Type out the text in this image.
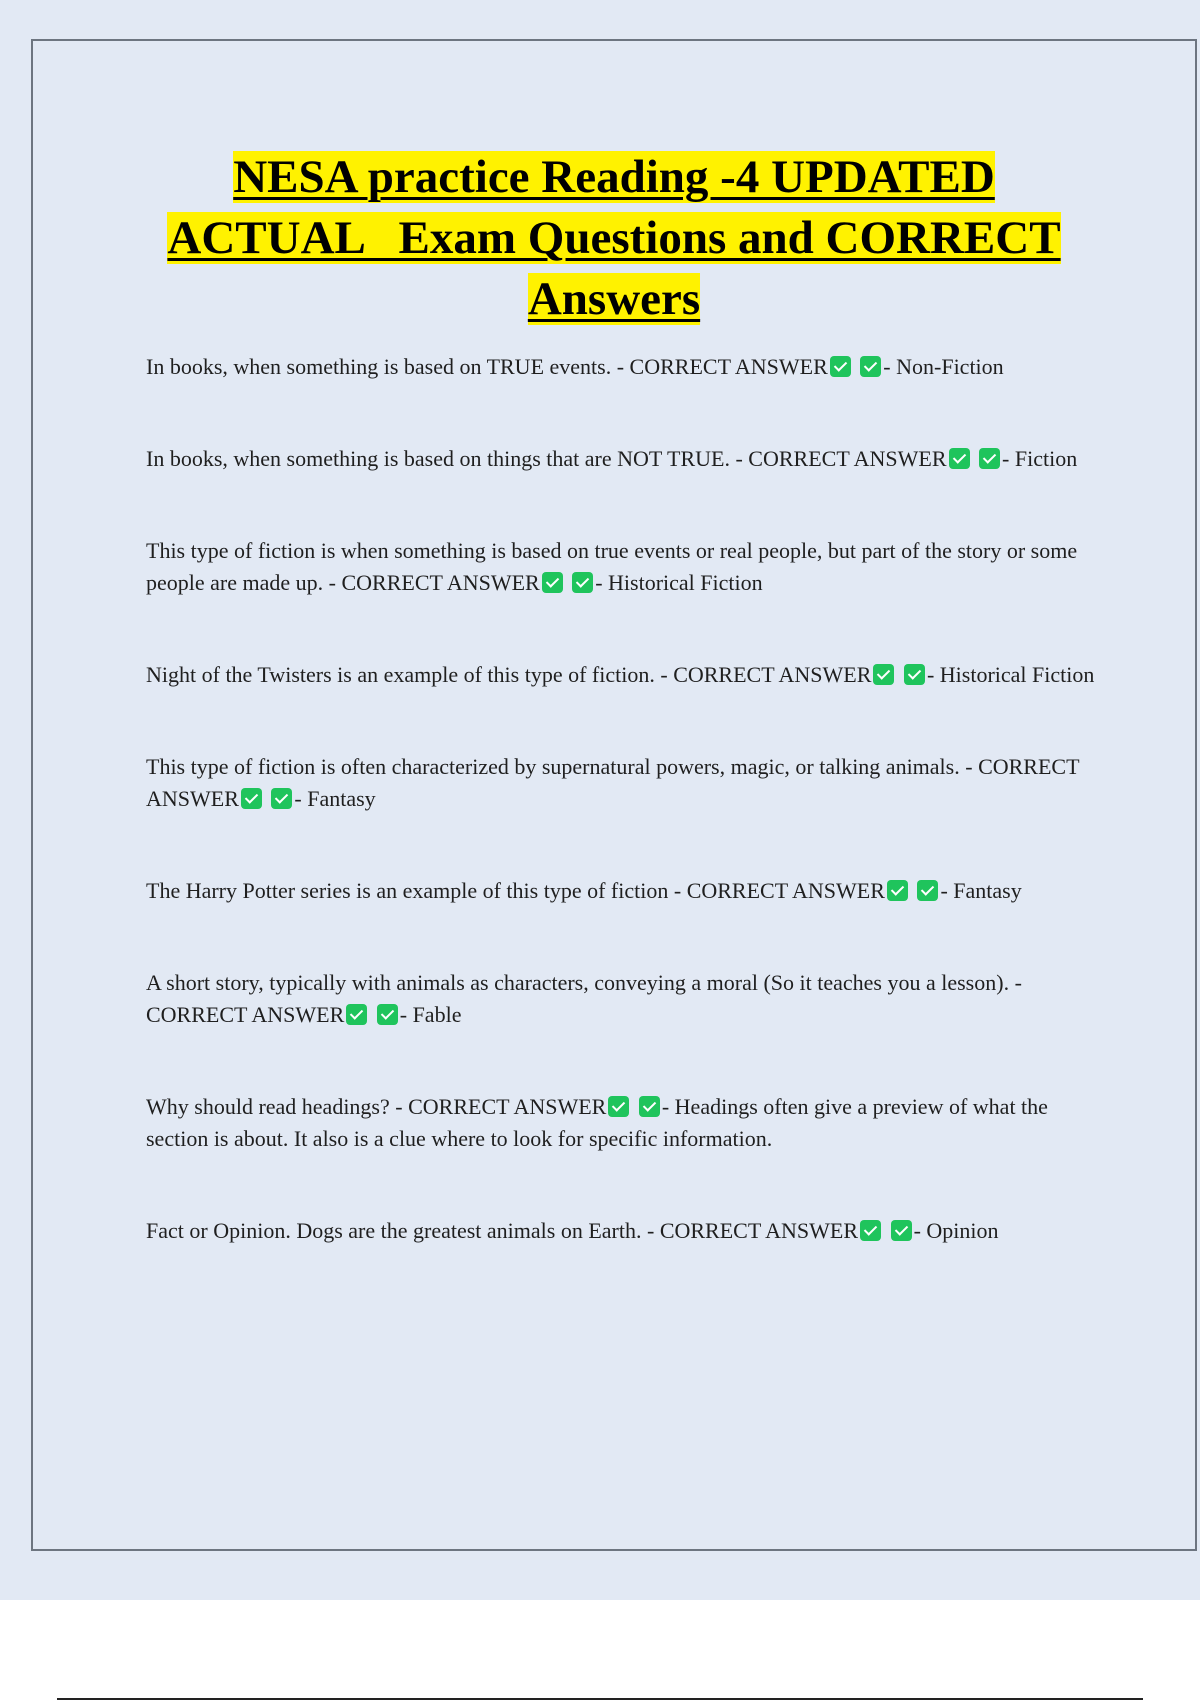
NESA practice Reading -4 UPDATED
ACTUAL   Exam Questions and CORRECT
Answers
In books, when something is based on TRUE events. - CORRECT ANSWER	- Non-Fiction
In books, when something is based on things that are NOT TRUE. - CORRECT ANSWER	- Fiction
This type of fiction is when something is based on true events or real people, but part of the story or some people are made up. - CORRECT ANSWER	- Historical Fiction
Night of the Twisters is an example of this type of fiction. - CORRECT ANSWER	- Historical Fiction
This type of fiction is often characterized by supernatural powers, magic, or talking animals. - CORRECT ANSWER	- Fantasy
The Harry Potter series is an example of this type of fiction - CORRECT ANSWER	- Fantasy
A short story, typically with animals as characters, conveying a moral (So it teaches you a lesson). - CORRECT ANSWER	- Fable
Why should read headings? - CORRECT ANSWER	- Headings often give a preview of what the section is about. It also is a clue where to look for specific information.
Fact or Opinion. Dogs are the greatest animals on Earth. - CORRECT ANSWER	- Opinion
